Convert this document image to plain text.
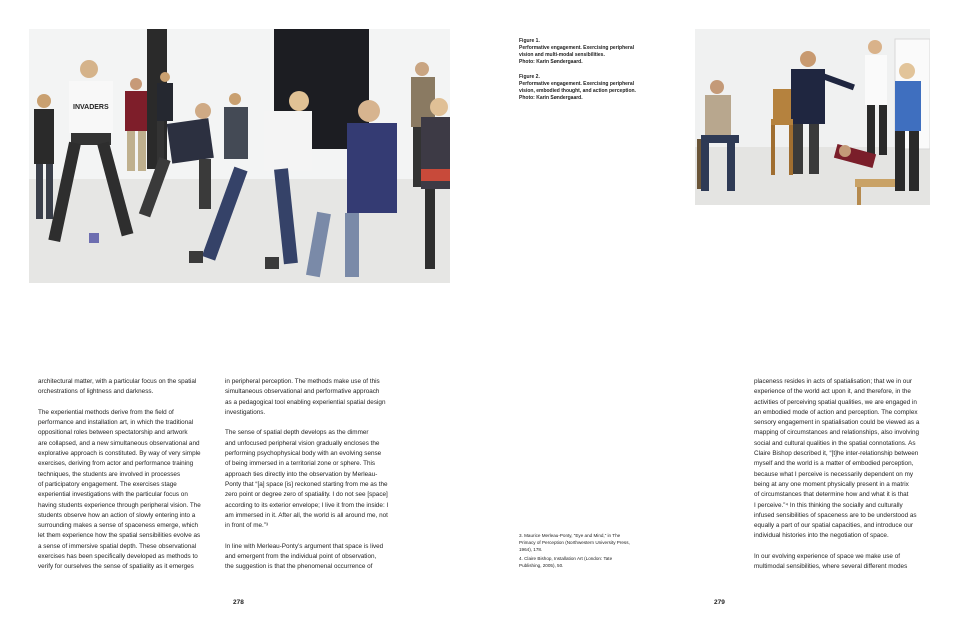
INVADERS
Figure 1.
Performative engagement. Exercising peripheral
vision and multi-modal sensibilities.
Photo: Karin Søndergaard.
Figure 2.
Performative engagement. Exercising peripheral
vision, embodied thought, and action perception.
Photo: Karin Søndergaard.

architectural matter, with a particular focus on the spatial
orchestrations of lightness and darkness.

The experiential methods derive from the field of
performance and installation art, in which the traditional
oppositional roles between spectatorship and artwork
are collapsed, and a new simultaneous observational and
explorative approach is constituted. By way of very simple
exercises, deriving from actor and performance training
techniques, the students are involved in processes
of participatory engagement. The exercises stage
experiential investigations with the particular focus on
having students experience through peripheral vision. The
students observe how an action of slowly entering into a
surrounding makes a sense of spaceness emerge, which
let them experience how the spatial sensibilities evolve as
a sense of immersive spatial depth. These observational
exercises has been specifically developed as methods to
verify for ourselves the sense of spatiality as it emerges

in peripheral perception. The methods make use of this
simultaneous observational and performative approach
as a pedagogical tool enabling experiential spatial design
investigations.

The sense of spatial depth develops as the dimmer
and unfocused peripheral vision gradually encloses the
performing psychophysical body with an evolving sense
of being immersed in a territorial zone or sphere. This
approach ties directly into the observation by Merleau-
Ponty that “[a] space [is] reckoned starting from me as the
zero point or degree zero of spatiality. I do not see [space]
according to its exterior envelope; I live it from the inside: I
am immersed in it. After all, the world is all around me, not
in front of me.”³

In line with Merleau-Ponty’s argument that space is lived
and emergent from the individual point of observation,
the suggestion is that the phenomenal occurrence of

3. Maurice Merleau-Ponty, “Eye and Mind,” in The
Primacy of Perception (Northwestern University Press,
1964), 178.
4. Claire Bishop, Installation Art (London: Tate
Publishing, 2005), 50.

placeness resides in acts of spatialisation; that we in our
experience of the world act upon it, and therefore, in the
activities of perceiving spatial qualities, we are engaged in
an embodied mode of action and perception. The complex
sensory engagement in spatialisation could be viewed as a
mapping of circumstances and relationships, also involving
social and cultural qualities in the spatial connotations. As
Claire Bishop described it, “[t]he inter-relationship between
myself and the world is a matter of embodied perception,
because what I perceive is necessarily dependent on my
being at any one moment physically present in a matrix
of circumstances that determine how and what it is that
I perceive.”⁴ In this thinking the socially and culturally
infused sensibilities of spaceness are to be understood as
equally a part of our spatial capacities, and introduce our
individual histories into the negotiation of space.

In our evolving experience of space we make use of
multimodal sensibilities, where several different modes

278	279
